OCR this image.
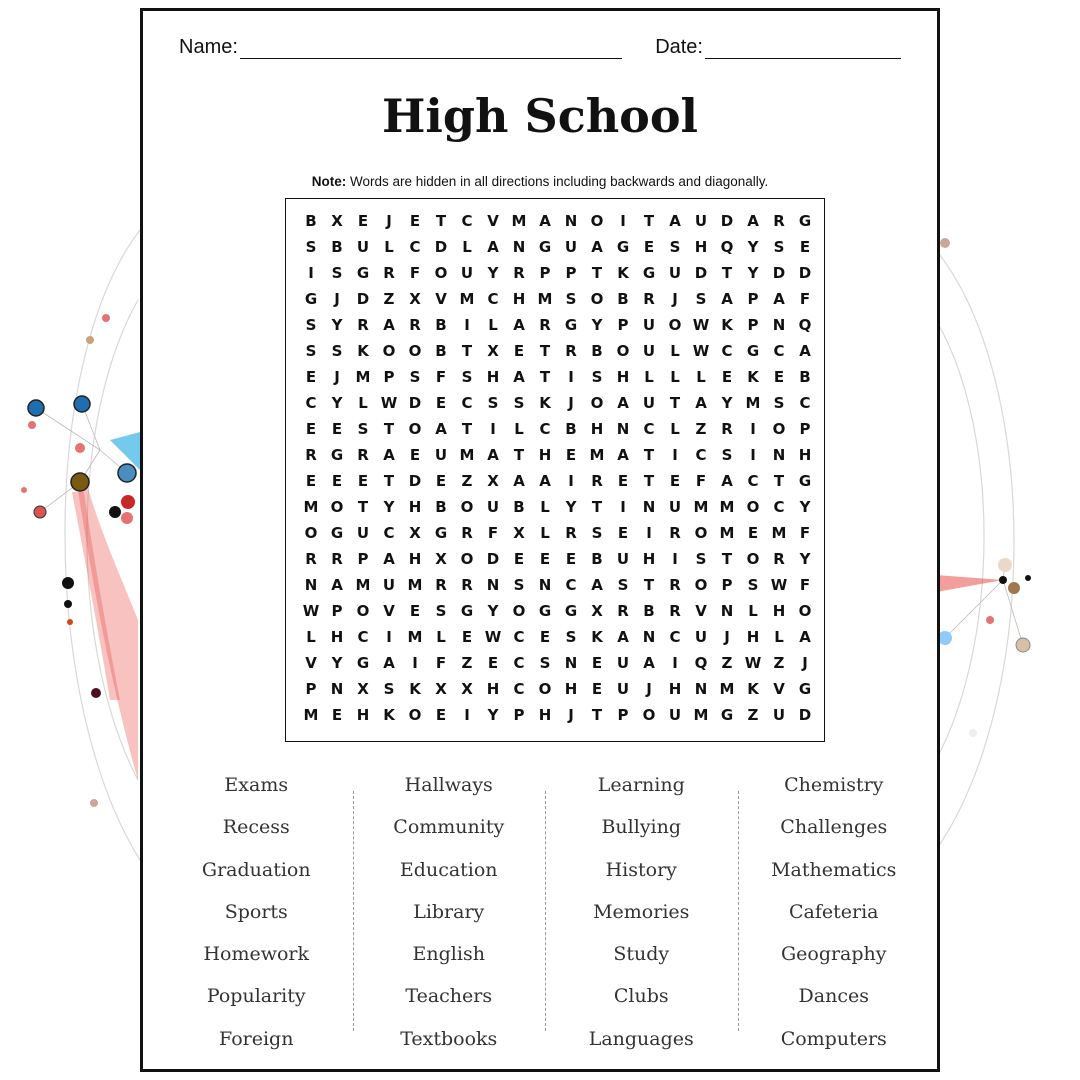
Name:	Date:
High School
Note: Words are hidden in all directions including backwards and diagonally.
B X	E	J	E	T	C V M A N O	I	T	A U D A R G
S B U	L	C D	L	A N G U A G E	S H Q Y	S	E
I	S G R	F O U Y R P	P	T	K G U D T	Y D D
G	J	D Z X V M C H M S O B R	J	S A P A	F
S	Y R A R B	I	L	A R G Y	P U O W K P N Q
S	S K O O B	T	X	E	T	R B O U	L W C G C A
E	J	M P	S	F	S H A	T	I	S H L	L	L	E	K	E	B
C	Y	L W D E	C	S	S K	J	O A U T	A Y M S	C
E	E	S	T O A	T	I	L	C B H N C	L	Z R	I	O P
R G R A	E U M A	T H E M A	T	I	C	S	I	N H
E	E	E	T D E	Z X A A	I	R	E	T	E	F	A C	T G
M O T	Y H B O U B	L	Y	T	I	N U M M O C	Y
O G U C X G R	F	X	L	R S	E	I	R O M E M F
R R P A H X O D E	E	E	B U H	I	S	T O R Y
N A M U M R R N S N C A S	T	R O P	S W F
W P O V	E	S G Y O G G X R B R V N L H O
L H C	I	M L	E W C	E	S K A N C U	J	H L	A
V Y G A	I	F	Z	E	C	S N E U A	I	Q Z W Z	J
P N X S K X X H C O H E U	J	H N M K V G
M E H K O E	I	Y	P H	J	T	P O U M G Z U D
Exams
Recess
Graduation
Sports
Homework
Popularity
Foreign
Hallways
Community
Education
Library
English
Teachers
Textbooks
Learning
Bullying
History
Memories
Study
Clubs
Languages
Chemistry
Challenges
Mathematics
Cafeteria
Geography
Dances
Computers
